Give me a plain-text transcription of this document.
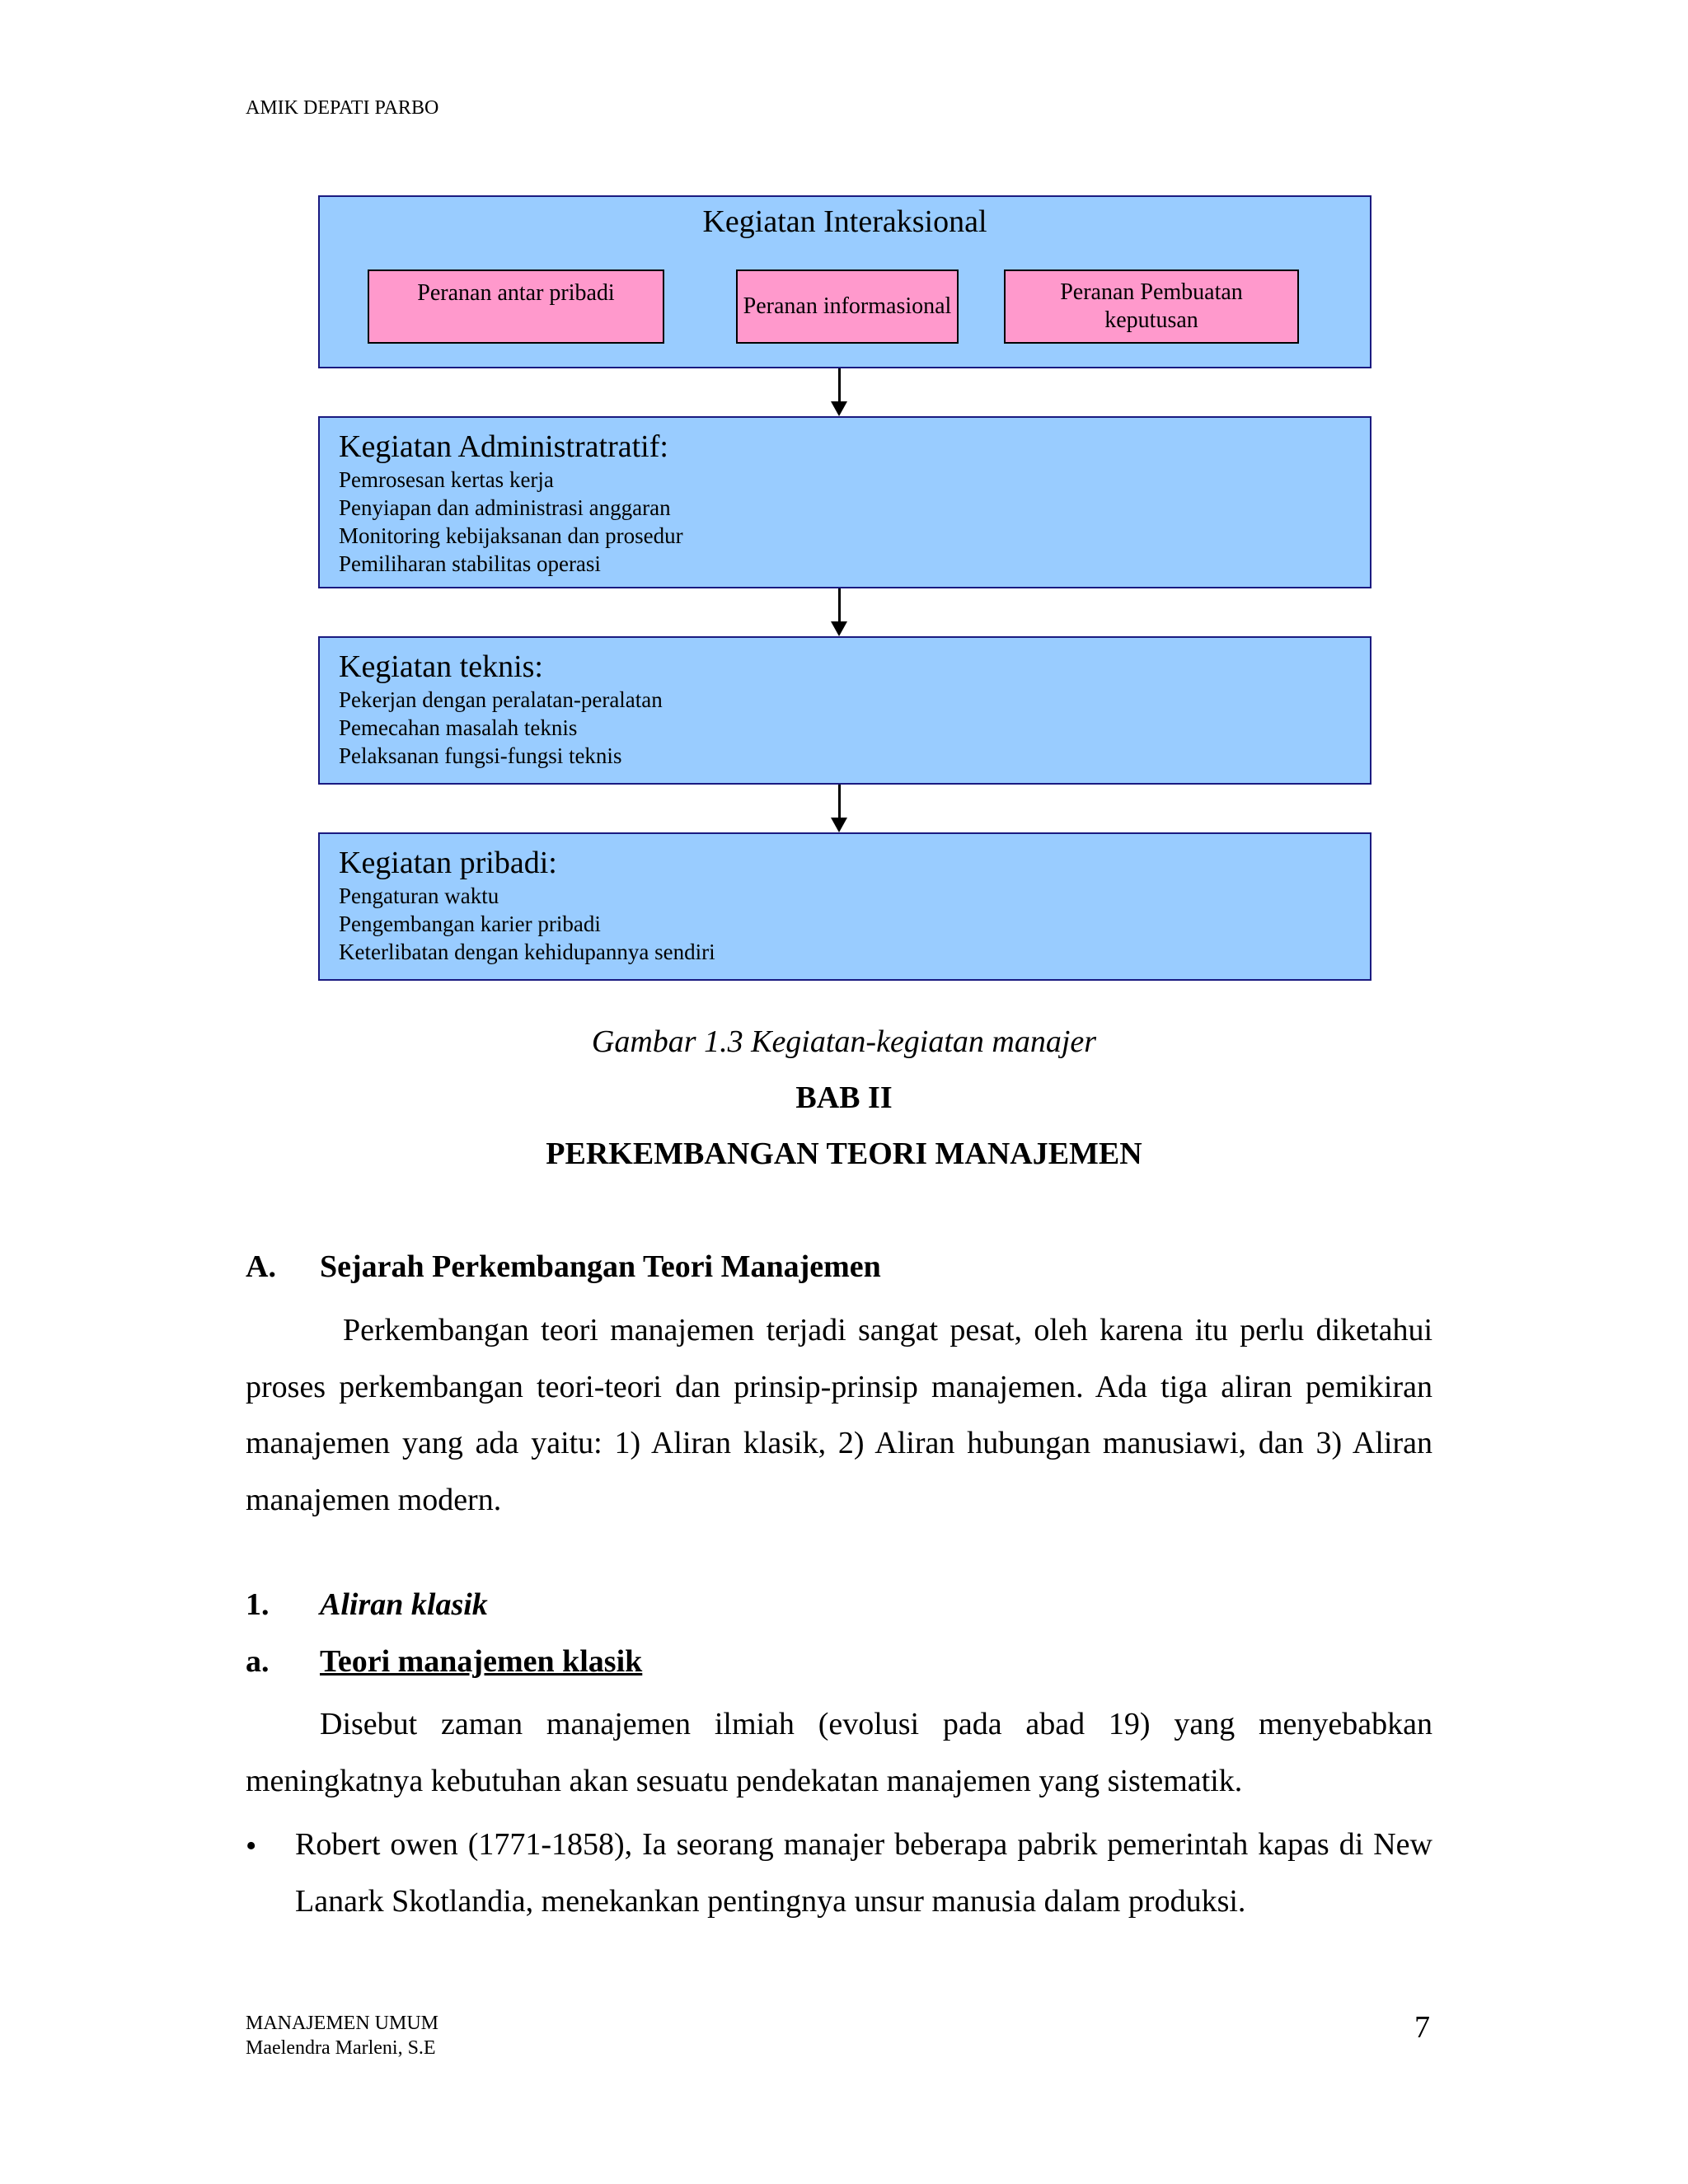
AMIK DEPATI PARBO
Kegiatan Interaksional
Peranan antar pribadi
Peranan informasional
Peranan Pembuatan keputusan
Kegiatan Administratratif:
Pemrosesan kertas kerja
Penyiapan dan administrasi anggaran
Monitoring kebijaksanan dan prosedur
Pemiliharan stabilitas operasi
Kegiatan teknis:
Pekerjan dengan peralatan-peralatan
Pemecahan masalah teknis
Pelaksanan fungsi-fungsi teknis
Kegiatan pribadi:
Pengaturan waktu
Pengembangan karier pribadi
Keterlibatan dengan kehidupannya sendiri
Gambar 1.3 Kegiatan-kegiatan manajer
BAB II
PERKEMBANGAN TEORI MANAJEMEN
A. Sejarah Perkembangan Teori Manajemen
Perkembangan teori manajemen terjadi sangat pesat, oleh karena itu perlu diketahui proses perkembangan teori-teori dan prinsip-prinsip manajemen. Ada tiga aliran pemikiran manajemen yang ada yaitu: 1) Aliran klasik, 2) Aliran hubungan manusiawi, dan 3) Aliran manajemen modern.
1. Aliran klasik
a. Teori manajemen klasik
Disebut zaman manajemen ilmiah (evolusi pada abad 19) yang menyebabkan meningkatnya kebutuhan akan sesuatu pendekatan manajemen yang sistematik.
• Robert owen (1771-1858), Ia seorang manajer beberapa pabrik pemerintah kapas di New Lanark Skotlandia, menekankan pentingnya unsur manusia dalam produksi.
MANAJEMEN UMUM
Maelendra Marleni, S.E
7
